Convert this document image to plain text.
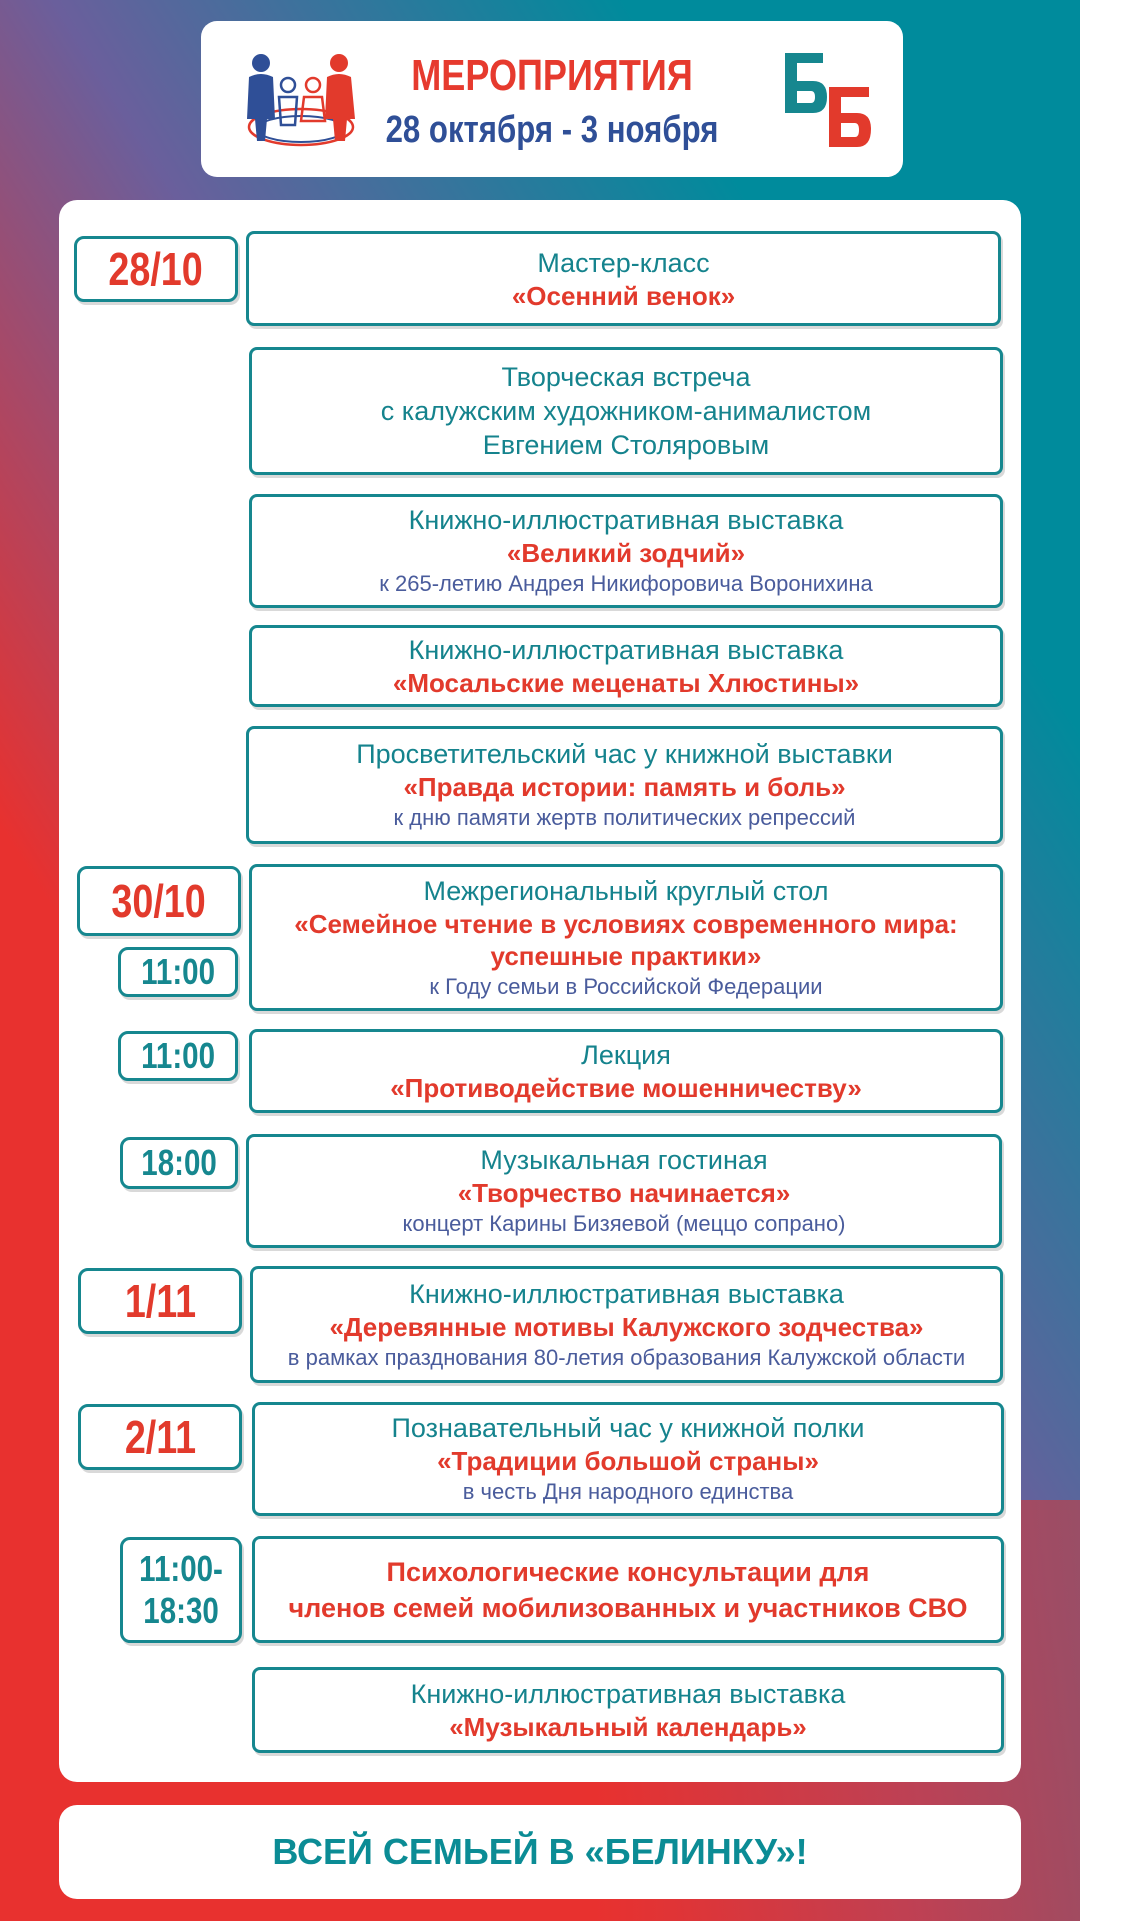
МЕРОПРИЯТИЯ
28 октября - 3 ноября
28/10
30/10
11:00
11:00
18:00
1/11
2/11
11:00-
18:30
Мастер-класс
«Осенний венок»
Творческая встреча
с калужским художником-анималистом
Евгением Столяровым
Книжно-иллюстративная выставка
«Великий зодчий»
к 265-летию Андрея Никифоровича Воронихина
Книжно-иллюстративная выставка
«Мосальские меценаты Хлюстины»
Просветительский час у книжной выставки
«Правда истории: память и боль»
к дню памяти жертв политических репрессий
Межрегиональный круглый стол
«Семейное чтение в условиях современного мира:
успешные практики»
к Году семьи в Российской Федерации
Лекция
«Противодействие мошенничеству»
Музыкальная гостиная
«Творчество начинается»
концерт Карины Бизяевой (меццо сопрано)
Книжно-иллюстративная выставка
«Деревянные мотивы Калужского зодчества»
в рамках празднования 80-летия образования Калужской области
Познавательный час у книжной полки
«Традиции большой страны»
в честь Дня народного единства
Психологические консультации для
членов семей мобилизованных и участников СВО
Книжно-иллюстративная выставка
«Музыкальный календарь»
ВСЕЙ СЕМЬЕЙ В «БЕЛИНКУ»!
